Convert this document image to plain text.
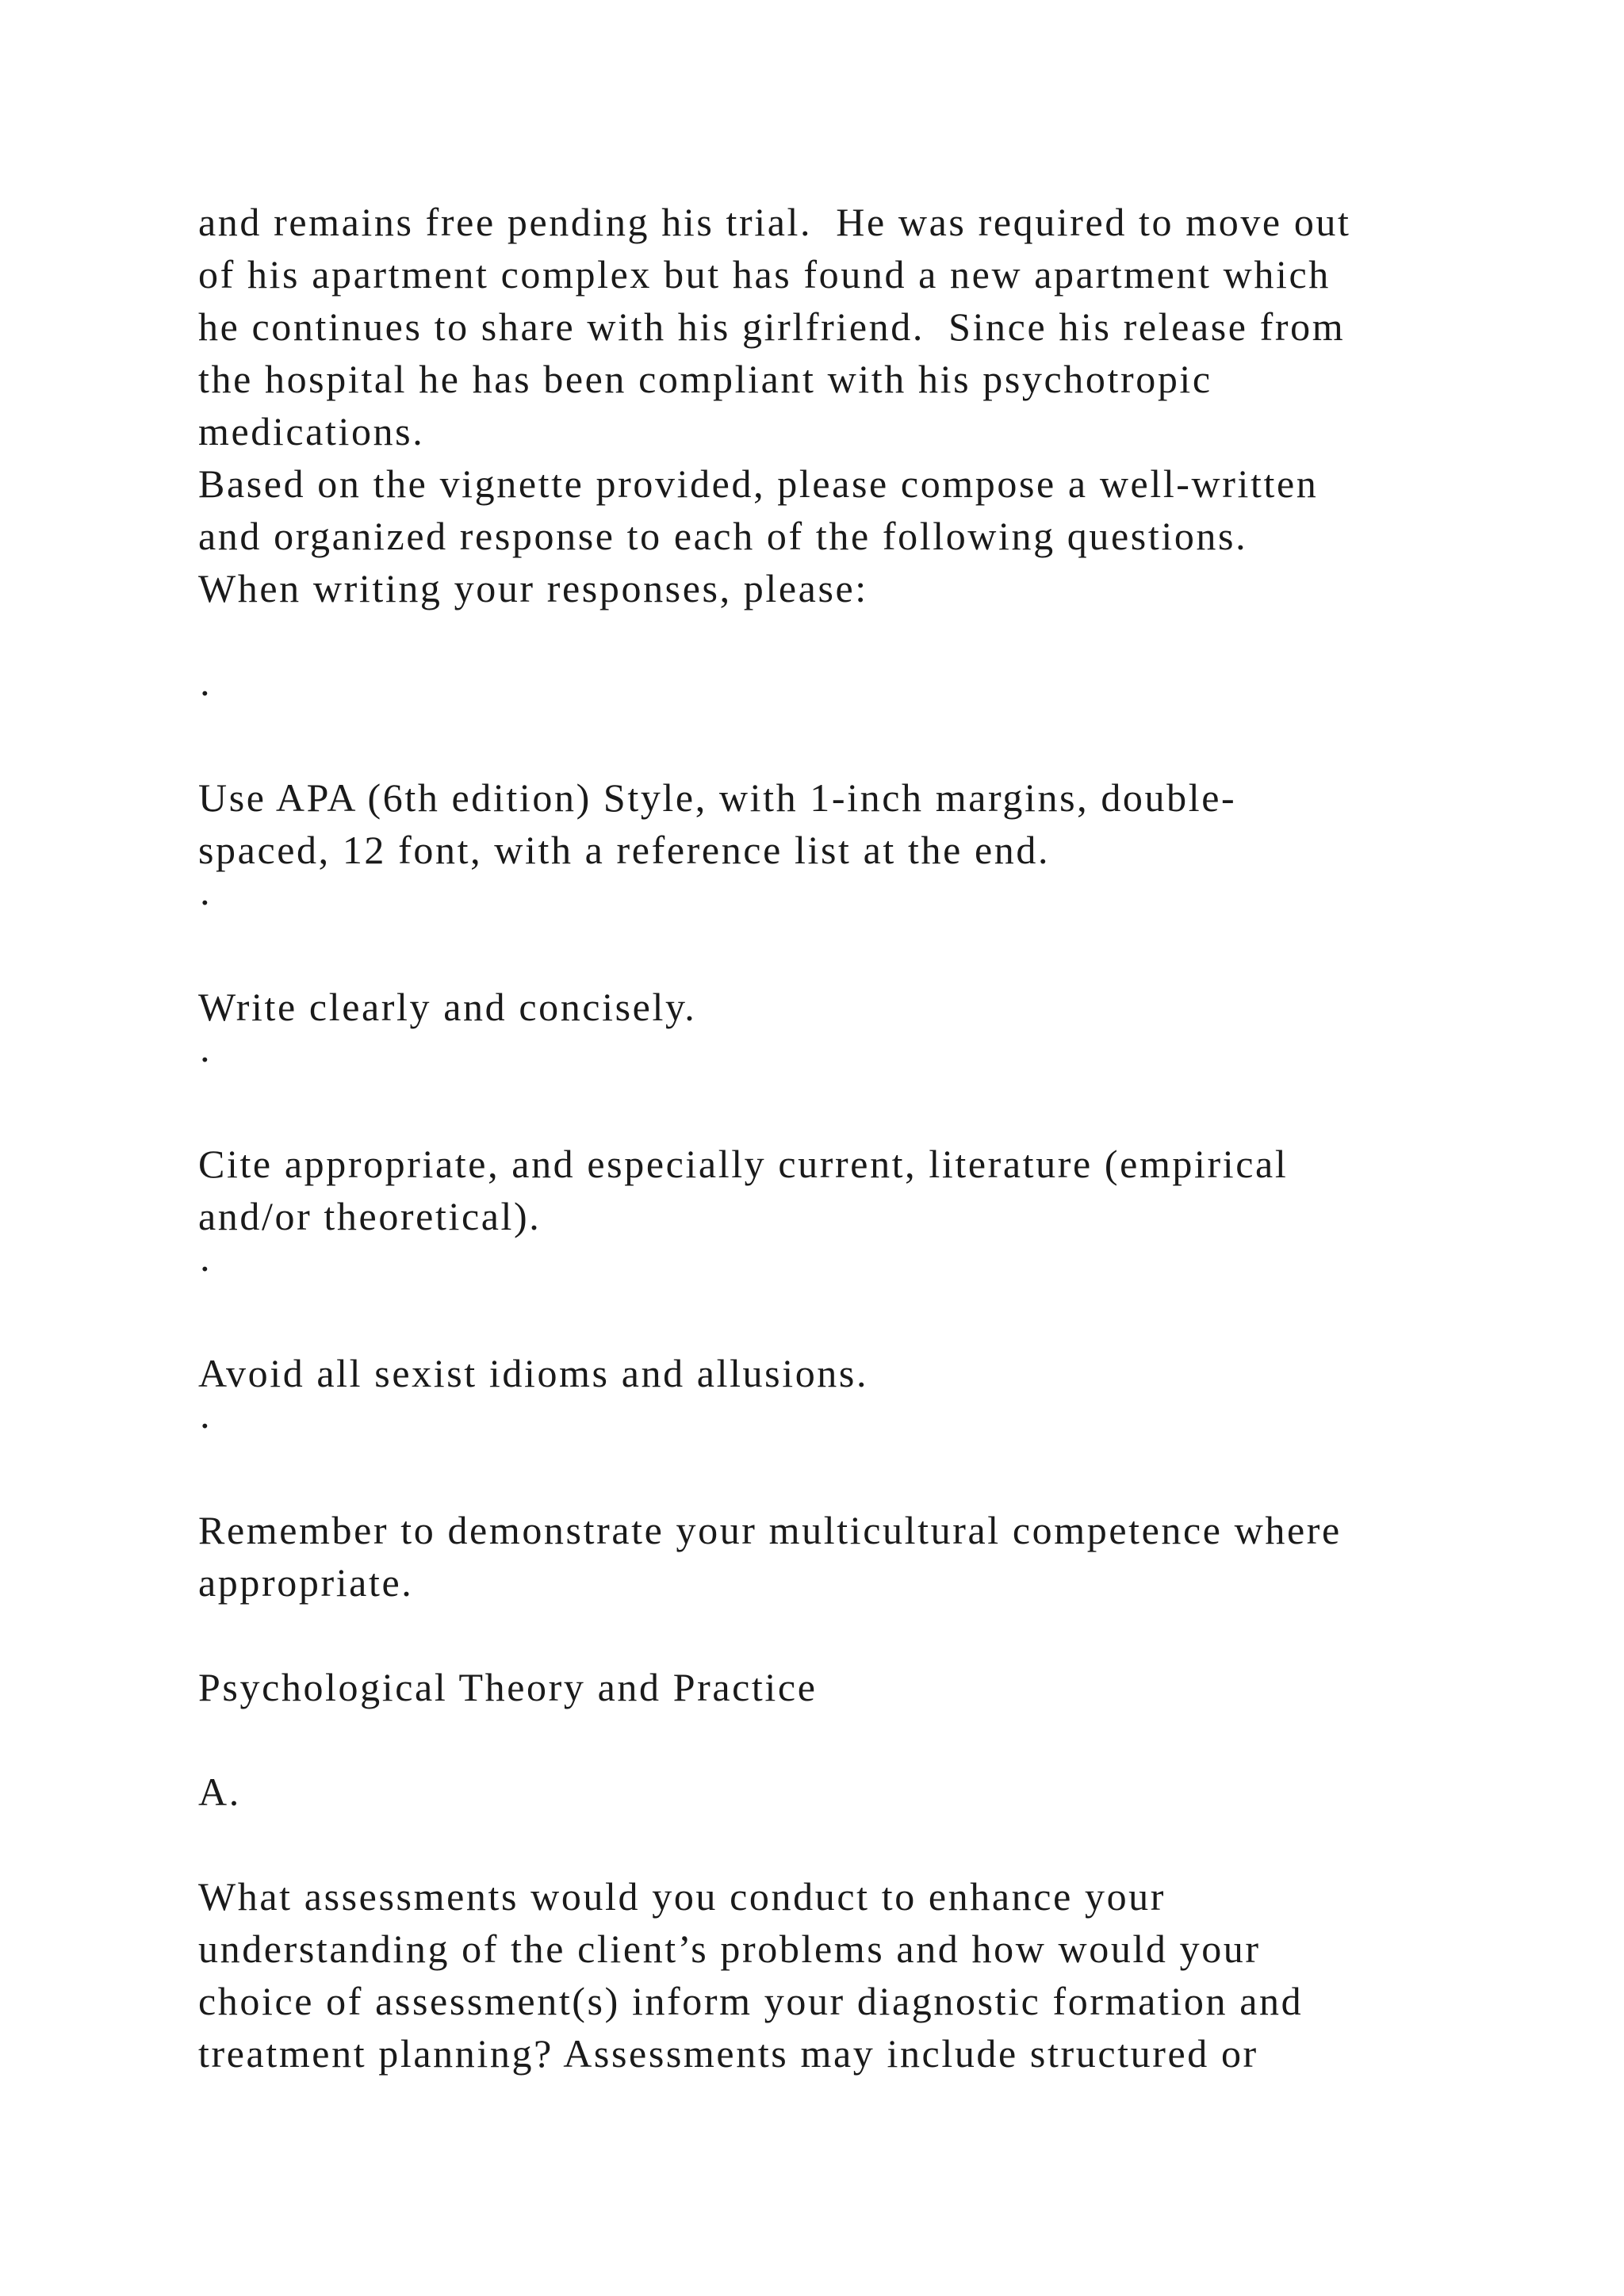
and remains free pending his trial.  He was required to move out
of his apartment complex but has found a new apartment which
he continues to share with his girlfriend.  Since his release from
the hospital he has been compliant with his psychotropic
medications.
Based on the vignette provided, please compose a well-written
and organized response to each of the following questions.
When writing your responses, please:
·
Use APA (6th edition) Style, with 1-inch margins, double-
spaced, 12 font, with a reference list at the end.
·
Write clearly and concisely.
·
Cite appropriate, and especially current, literature (empirical
and/or theoretical).
·
Avoid all sexist idioms and allusions.
·
Remember to demonstrate your multicultural competence where
appropriate.
Psychological Theory and Practice
A.
What assessments would you conduct to enhance your
understanding of the client’s problems and how would your
choice of assessment(s) inform your diagnostic formation and
treatment planning? Assessments may include structured or
